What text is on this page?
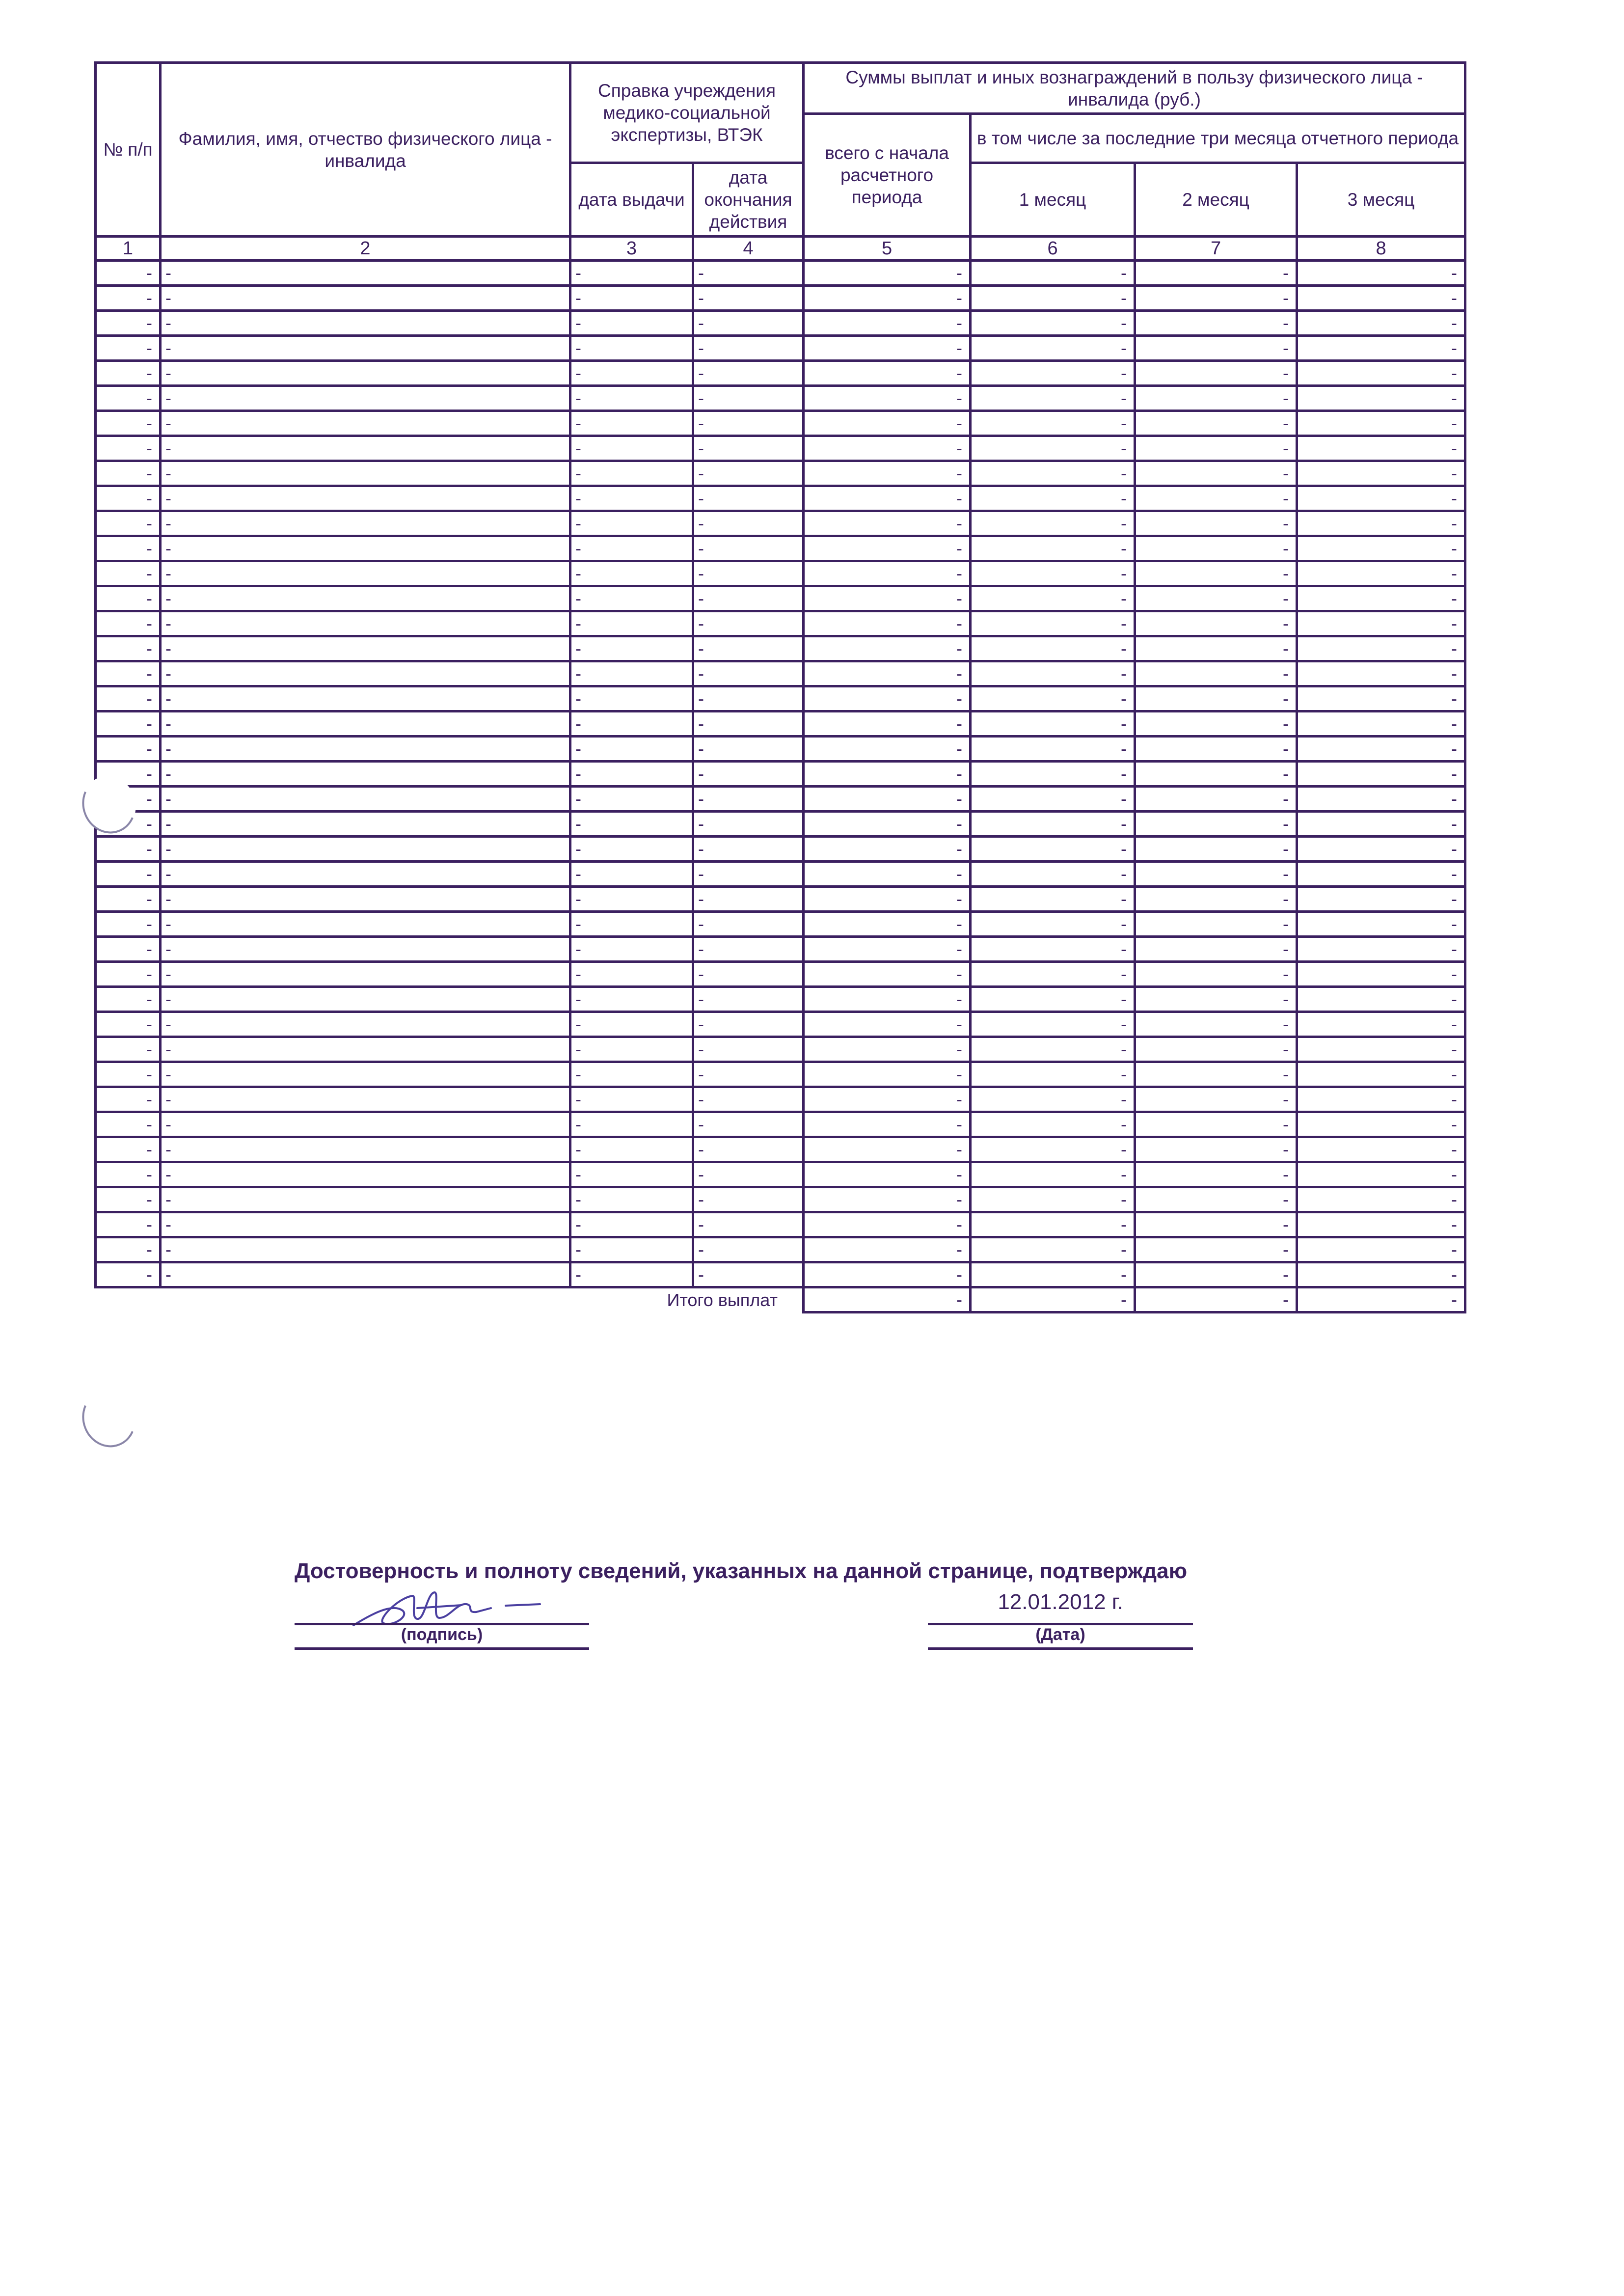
№ п/п	Фамилия, имя, отчество физического лица - инвалида	Справка учреждения медико-социальной экспертизы, ВТЭК		Суммы выплат и иных вознаграждений в пользу физического лица - инвалида (руб.)			
				всего с начала расчетного периода	в том числе за последние три месяца отчетного периода		
		дата выдачи	дата окончания действия		1 месяц	2 месяц	3 месяц
1	2	3	4	5	6	7	8
-	-	-	-	-	-	-	-
-	-	-	-	-	-	-	-
-	-	-	-	-	-	-	-
-	-	-	-	-	-	-	-
-	-	-	-	-	-	-	-
-	-	-	-	-	-	-	-
-	-	-	-	-	-	-	-
-	-	-	-	-	-	-	-
-	-	-	-	-	-	-	-
-	-	-	-	-	-	-	-
-	-	-	-	-	-	-	-
-	-	-	-	-	-	-	-
-	-	-	-	-	-	-	-
-	-	-	-	-	-	-	-
-	-	-	-	-	-	-	-
-	-	-	-	-	-	-	-
-	-	-	-	-	-	-	-
-	-	-	-	-	-	-	-
-	-	-	-	-	-	-	-
-	-	-	-	-	-	-	-
-	-	-	-	-	-	-	-
-	-	-	-	-	-	-	-
-	-	-	-	-	-	-	-
-	-	-	-	-	-	-	-
-	-	-	-	-	-	-	-
-	-	-	-	-	-	-	-
-	-	-	-	-	-	-	-
-	-	-	-	-	-	-	-
-	-	-	-	-	-	-	-
-	-	-	-	-	-	-	-
-	-	-	-	-	-	-	-
-	-	-	-	-	-	-	-
-	-	-	-	-	-	-	-
-	-	-	-	-	-	-	-
-	-	-	-	-	-	-	-
-	-	-	-	-	-	-	-
-	-	-	-	-	-	-	-
-	-	-	-	-	-	-	-
-	-	-	-	-	-	-	-
-	-	-	-	-	-	-	-
-	-	-	-	-	-	-	-
Итого выплат				-	-	-	-
Достоверность и полноту сведений, указанных на данной странице, подтверждаю
(подпись)
12.01.2012 г.
(Дата)
